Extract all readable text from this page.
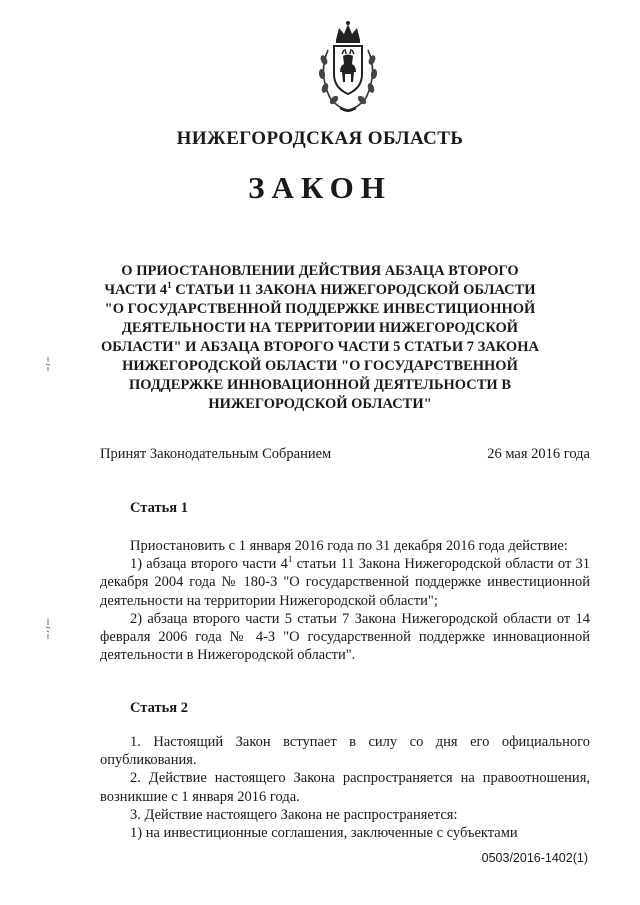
НИЖЕГОРОДСКАЯ ОБЛАСТЬ
ЗАКОН
О ПРИОСТАНОВЛЕНИИ ДЕЙСТВИЯ АБЗАЦА ВТОРОГО ЧАСТИ $4^1$ СТАТЬИ 11 ЗАКОНА НИЖЕГОРОДСКОЙ ОБЛАСТИ "О ГОСУДАРСТВЕННОЙ ПОДДЕРЖКЕ ИНВЕСТИЦИОННОЙ ДЕЯТЕЛЬНОСТИ НА ТЕРРИТОРИИ НИЖЕГОРОДСКОЙ ОБЛАСТИ" И АБЗАЦА ВТОРОГО ЧАСТИ 5 СТАТЬИ 7 ЗАКОНА НИЖЕГОРОДСКОЙ ОБЛАСТИ "О ГОСУДАРСТВЕННОЙ ПОДДЕРЖКЕ ИННОВАЦИОННОЙ ДЕЯТЕЛЬНОСТИ В НИЖЕГОРОДСКОЙ ОБЛАСТИ"
Принят Законодательным Собранием	26 мая 2016 года
Статья 1

Приостановить с 1 января 2016 года по 31 декабря 2016 года действие:

1) абзаца второго части $4^1$ статьи 11 Закона Нижегородской области от 31 декабря 2004 года № 180-З "О государственной поддержке инвестиционной деятельности на территории Нижегородской области";

2) абзаца второго части 5 статьи 7 Закона Нижегородской области от 14 февраля 2006 года № 4-З "О государственной поддержке инновационной деятельности в Нижегородской области".

Статья 2

1. Настоящий Закон вступает в силу со дня его официального опубликования.

2. Действие настоящего Закона распространяется на правоотношения, возникшие с 1 января 2016 года.

3. Действие настоящего Закона не распространяется:

1) на инвестиционные соглашения, заключенные с субъектами

0503/2016-1402(1)
